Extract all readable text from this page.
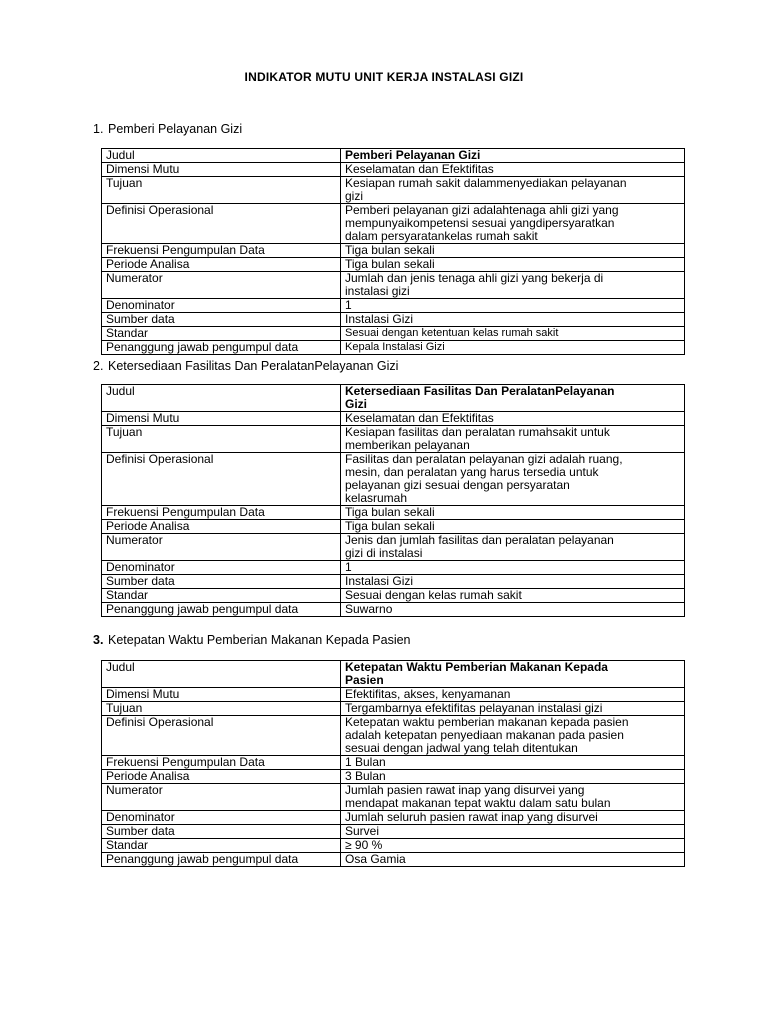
INDIKATOR MUTU UNIT KERJA INSTALASI GIZI
1. Pemberi Pelayanan Gizi
Judul	Pemberi Pelayanan Gizi
Dimensi Mutu	Keselamatan dan Efektifitas
Tujuan	Kesiapan rumah sakit dalammenyediakan pelayanan
gizi
Definisi Operasional	Pemberi pelayanan gizi adalahtenaga ahli gizi yang
mempunyaikompetensi sesuai yangdipersyaratkan
dalam persyaratankelas rumah sakit
Frekuensi Pengumpulan Data	Tiga bulan sekali
Periode Analisa	Tiga bulan sekali
Numerator	Jumlah dan jenis tenaga ahli gizi yang bekerja di
instalasi gizi
Denominator	1
Sumber data	Instalasi Gizi
Standar	Sesuai dengan ketentuan kelas rumah sakit
Penanggung jawab pengumpul data	Kepala Instalasi Gizi
2. Ketersediaan Fasilitas Dan PeralatanPelayanan Gizi
Judul	Ketersediaan Fasilitas Dan PeralatanPelayanan
Gizi
Dimensi Mutu	Keselamatan dan Efektifitas
Tujuan	Kesiapan fasilitas dan peralatan rumahsakit untuk
memberikan pelayanan
Definisi Operasional	Fasilitas dan peralatan pelayanan gizi adalah ruang,
mesin, dan peralatan yang harus tersedia untuk
pelayanan gizi sesuai dengan persyaratan
kelasrumah
Frekuensi Pengumpulan Data	Tiga bulan sekali
Periode Analisa	Tiga bulan sekali
Numerator	Jenis dan jumlah fasilitas dan peralatan pelayanan
gizi di instalasi
Denominator	1
Sumber data	Instalasi Gizi
Standar	Sesuai dengan kelas rumah sakit
Penanggung jawab pengumpul data	Suwarno
3. Ketepatan Waktu Pemberian Makanan Kepada Pasien
Judul	Ketepatan Waktu Pemberian Makanan Kepada
Pasien
Dimensi Mutu	Efektifitas, akses, kenyamanan
Tujuan	Tergambarnya efektifitas pelayanan instalasi gizi
Definisi Operasional	Ketepatan waktu pemberian makanan kepada pasien
adalah ketepatan penyediaan makanan pada pasien
sesuai dengan jadwal yang telah ditentukan
Frekuensi Pengumpulan Data	1 Bulan
Periode Analisa	3 Bulan
Numerator	Jumlah pasien rawat inap yang disurvei yang
mendapat makanan tepat waktu dalam satu bulan
Denominator	Jumlah seluruh pasien rawat inap yang disurvei
Sumber data	Survei
Standar	≥ 90 %
Penanggung jawab pengumpul data	Osa Gamia
